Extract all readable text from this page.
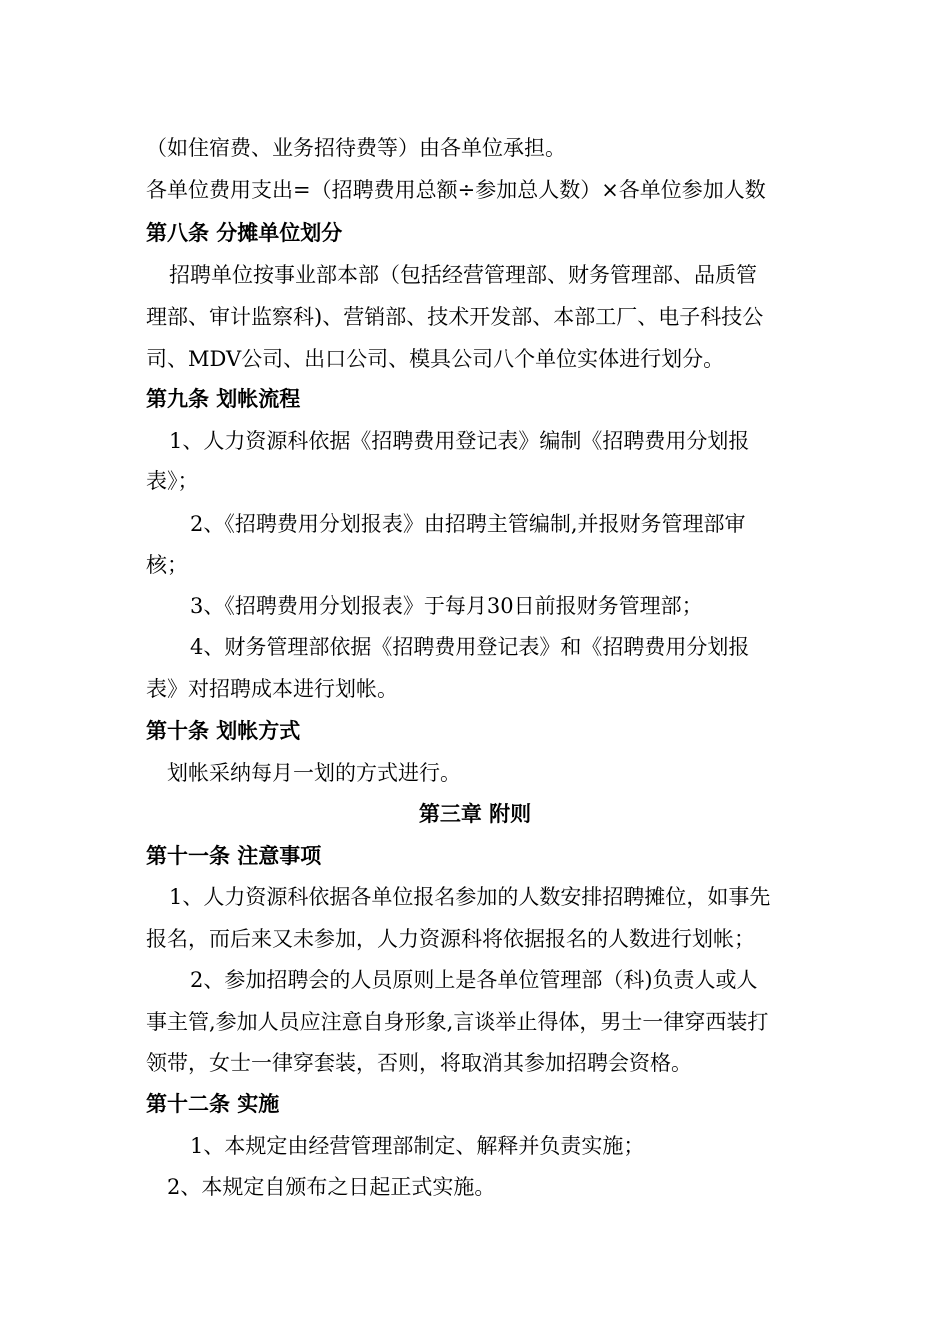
（如住宿费、业务招待费等）由各单位承担。
各单位费用支出=（招聘费用总额÷参加总人数）×各单位参加人数
第八条 分摊单位划分
招聘单位按事业部本部（包括经营管理部、财务管理部、品质管
理部、审计监察科)、营销部、技术开发部、本部工厂、电子科技公
司、MDV公司、出口公司、模具公司八个单位实体进行划分。
第九条 划帐流程
1、人力资源科依据《招聘费用登记表》编制《招聘费用分划报
表》；
2、《招聘费用分划报表》由招聘主管编制,并报财务管理部审
核；
3、《招聘费用分划报表》于每月30日前报财务管理部；
4、财务管理部依据《招聘费用登记表》和《招聘费用分划报
表》对招聘成本进行划帐。
第十条 划帐方式
划帐采纳每月一划的方式进行。
第三章 附则
第十一条 注意事项
1、人力资源科依据各单位报名参加的人数安排招聘摊位，如事先
报名，而后来又未参加，人力资源科将依据报名的人数进行划帐；
2、参加招聘会的人员原则上是各单位管理部（科)负责人或人
事主管,参加人员应注意自身形象,言谈举止得体，男士一律穿西装打
领带，女士一律穿套装，否则，将取消其参加招聘会资格。
第十二条 实施
1、本规定由经营管理部制定、解释并负责实施；
2、本规定自颁布之日起正式实施。
